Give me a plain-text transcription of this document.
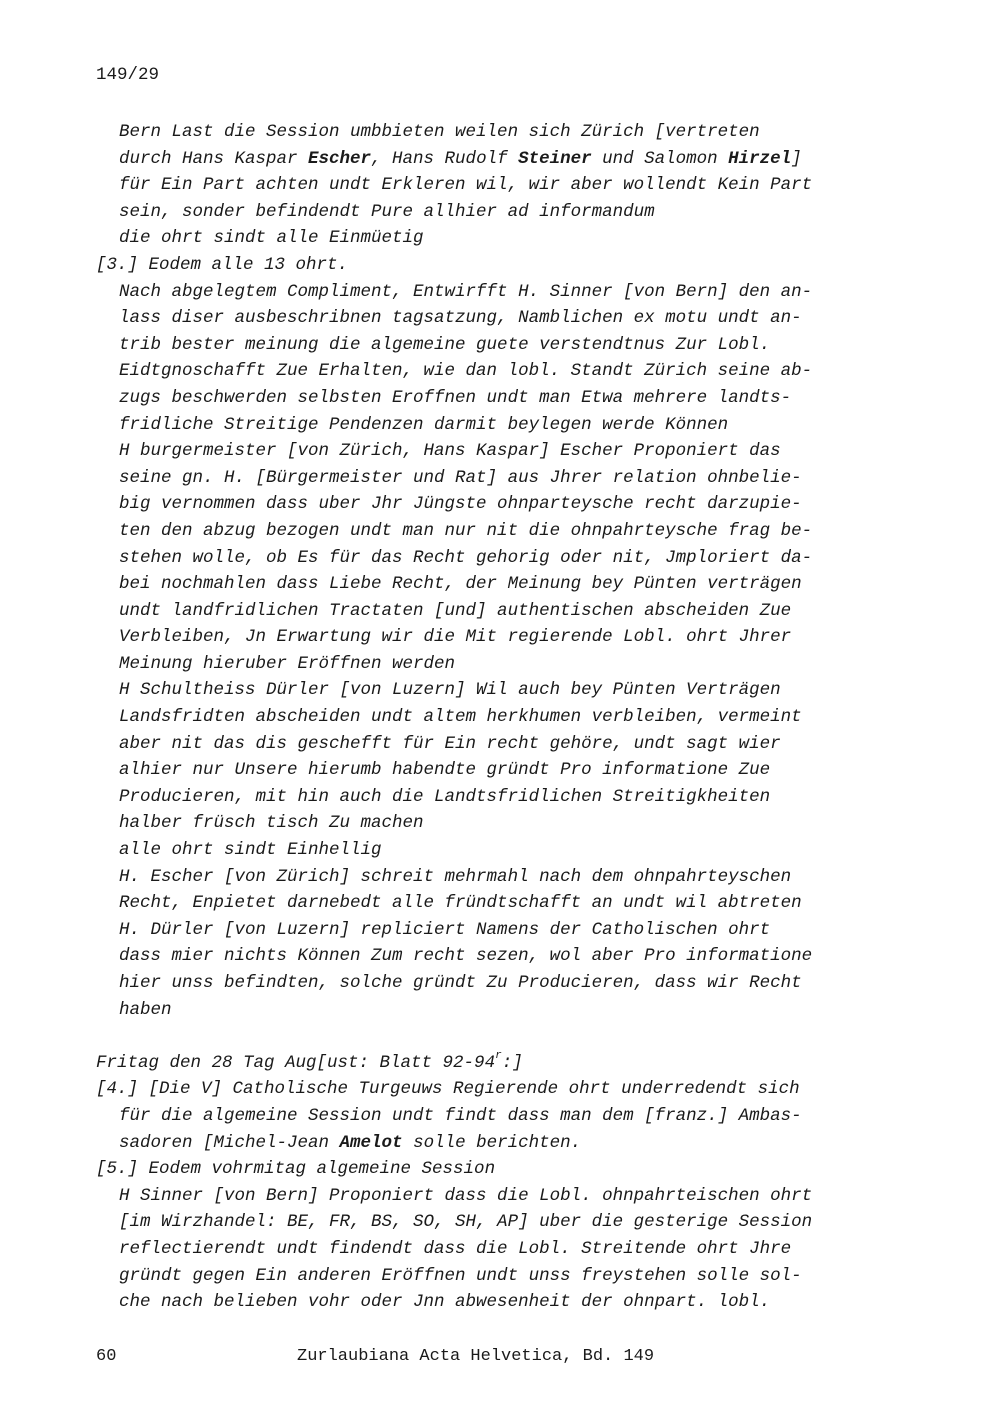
149/29
Bern Last die Session umbbieten weilen sich Zürich [vertreten
durch Hans Kaspar Escher, Hans Rudolf Steiner und Salomon Hirzel]
für Ein Part achten undt Erkleren wil, wir aber wollendt Kein Part
sein, sonder befindendt Pure allhier ad informandum
die ohrt sindt alle Einmüetig
[3.] Eodem alle 13 ohrt.
Nach abgelegtem Compliment, Entwirfft H. Sinner [von Bern] den an-
lass diser ausbeschribnen tagsatzung, Namblichen ex motu undt an-
trib bester meinung die algemeine guete verstendtnus Zur Lobl.
Eidtgnoschafft Zue Erhalten, wie dan lobl. Standt Zürich seine ab-
zugs beschwerden selbsten Eroffnen undt man Etwa mehrere landts-
fridliche Streitige Pendenzen darmit beylegen werde Können
H burgermeister [von Zürich, Hans Kaspar] Escher Proponiert das
seine gn. H. [Bürgermeister und Rat] aus Jhrer relation ohnbelie-
big vernommen dass uber Jhr Jüngste ohnparteysche recht darzupie-
ten den abzug bezogen undt man nur nit die ohnpahrteysche frag be-
stehen wolle, ob Es für das Recht gehorig oder nit, Jmploriert da-
bei nochmahlen dass Liebe Recht, der Meinung bey Pünten verträgen
undt landfridlichen Tractaten [und] authentischen abscheiden Zue
Verbleiben, Jn Erwartung wir die Mit regierende Lobl. ohrt Jhrer
Meinung hieruber Eröffnen werden
H Schultheiss Dürler [von Luzern] Wil auch bey Pünten Verträgen
Landsfridten abscheiden undt altem herkhumen verbleiben, vermeint
aber nit das dis geschefft für Ein recht gehöre, undt sagt wier
alhier nur Unsere hierumb habendte gründt Pro informatione Zue
Producieren, mit hin auch die Landtsfridlichen Streitigkheiten
halber früsch tisch Zu machen
alle ohrt sindt Einhellig
H. Escher [von Zürich] schreit mehrmahl nach dem ohnpahrteyschen
Recht, Enpietet darnebedt alle fründtschafft an undt wil abtreten
H. Dürler [von Luzern] repliciert Namens der Catholischen ohrt
dass mier nichts Können Zum recht sezen, wol aber Pro informatione
hier unss befindten, solche gründt Zu Producieren, dass wir Recht
haben
Fritag den 28 Tag Aug[ust: Blatt 92-94$^r$:]
[4.] [Die V] Catholische Turgeuws Regierende ohrt underredendt sich
für die algemeine Session undt findt dass man dem [franz.] Ambas-
sadoren [Michel-Jean Amelot solle berichten.
[5.] Eodem vohrmitag algemeine Session
H Sinner [von Bern] Proponiert dass die Lobl. ohnpahrteischen ohrt
[im Wirzhandel: BE, FR, BS, SO, SH, AP] uber die gesterige Session
reflectierendt undt findendt dass die Lobl. Streitende ohrt Jhre
gründt gegen Ein anderen Eröffnen undt unss freystehen solle sol-
che nach belieben vohr oder Jnn abwesenheit der ohnpart. lobl.
60	Zurlaubiana Acta Helvetica, Bd. 149
